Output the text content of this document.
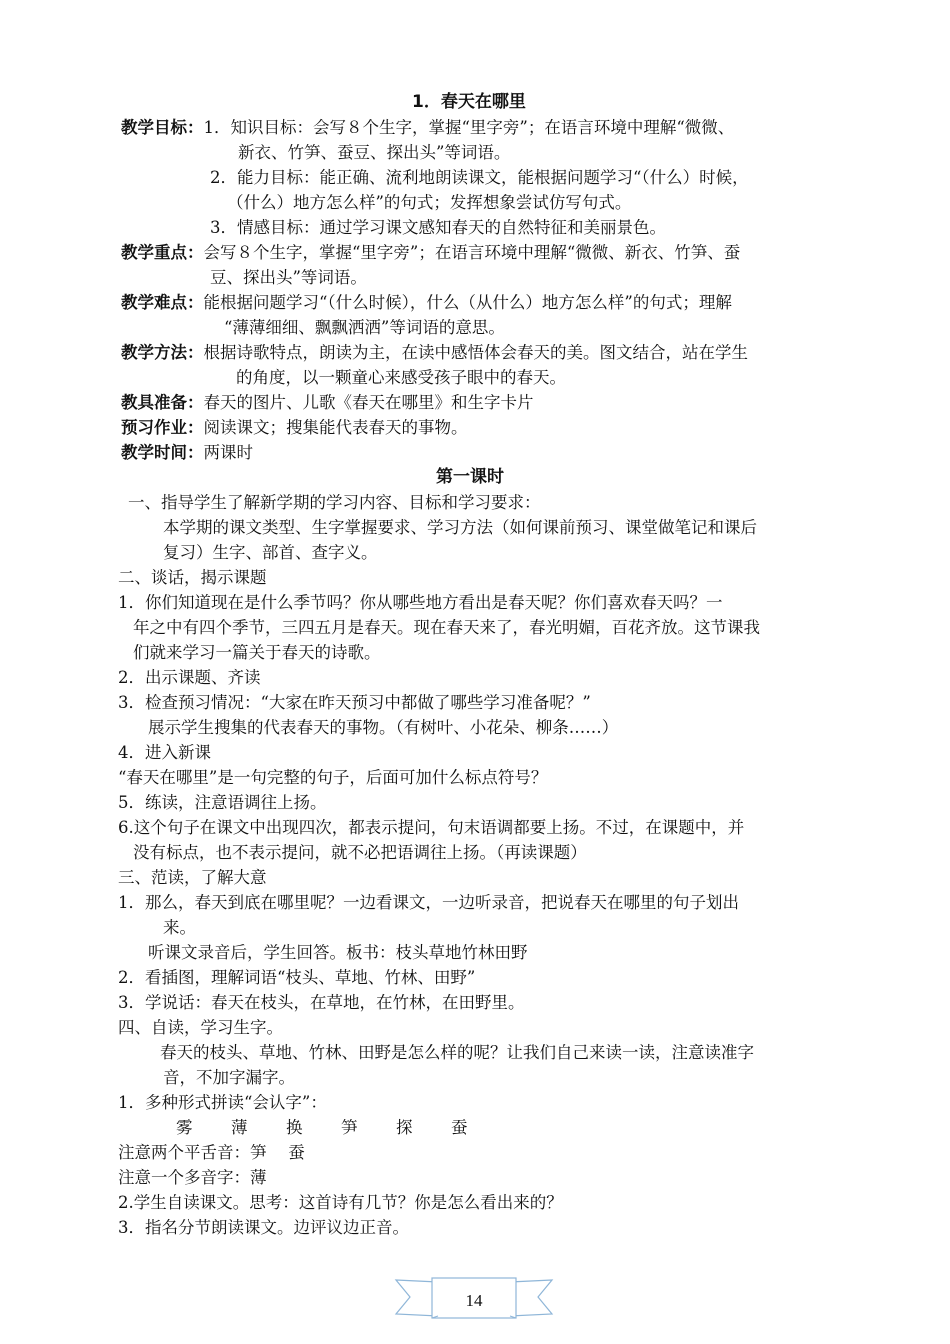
1．春天在哪里
教学目标：1．知识目标：会写８个生字，掌握“里字旁”；在语言环境中理解“微微、
新衣、竹笋、蚕豆、探出头”等词语。
2．能力目标：能正确、流利地朗读课文，能根据问题学习“（什么）时候，
（什么）地方怎么样”的句式；发挥想象尝试仿写句式。
3．情感目标：通过学习课文感知春天的自然特征和美丽景色。
教学重点：会写８个生字，掌握“里字旁”；在语言环境中理解“微微、新衣、竹笋、蚕
豆、探出头”等词语。
教学难点：能根据问题学习“（什么时候），什么（从什么）地方怎么样”的句式；理解
“薄薄细细、飘飘洒洒”等词语的意思。
教学方法：根据诗歌特点，朗读为主，在读中感悟体会春天的美。图文结合，站在学生
的角度，以一颗童心来感受孩子眼中的春天。
教具准备：春天的图片、儿歌《春天在哪里》和生字卡片
预习作业：阅读课文；搜集能代表春天的事物。
教学时间：两课时
第一课时
一、指导学生了解新学期的学习内容、目标和学习要求：
本学期的课文类型、生字掌握要求、学习方法（如何课前预习、课堂做笔记和课后
复习）生字、部首、查字义。
二、谈话，揭示课题
1．你们知道现在是什么季节吗？你从哪些地方看出是春天呢？你们喜欢春天吗？一
年之中有四个季节，三四五月是春天。现在春天来了，春光明媚，百花齐放。这节课我
们就来学习一篇关于春天的诗歌。
2．出示课题、齐读
3．检查预习情况：“大家在昨天预习中都做了哪些学习准备呢？”
展示学生搜集的代表春天的事物。（有树叶、小花朵、柳条……）
4．进入新课
“春天在哪里”是一句完整的句子，后面可加什么标点符号？
5．练读，注意语调往上扬。
6.这个句子在课文中出现四次，都表示提问，句末语调都要上扬。不过，在课题中，并
没有标点，也不表示提问，就不必把语调往上扬。（再读课题）
三、范读，了解大意
1．那么，春天到底在哪里呢？一边看课文，一边听录音，把说春天在哪里的句子划出
来。
听课文录音后，学生回答。板书：枝头草地竹林田野
2．看插图，理解词语“枝头、草地、竹林、田野”
3．学说话：春天在枝头，在草地，在竹林，在田野里。
四、自读，学习生字。
春天的枝头、草地、竹林、田野是怎么样的呢？让我们自己来读一读，注意读准字
音，不加字漏字。
1．多种形式拼读“会认字”：
雾 薄 换 笋 探 蚕
注意两个平舌音：笋　 蚕
注意一个多音字：薄
2.学生自读课文。思考：这首诗有几节？你是怎么看出来的？
3．指名分节朗读课文。边评议边正音。
14
